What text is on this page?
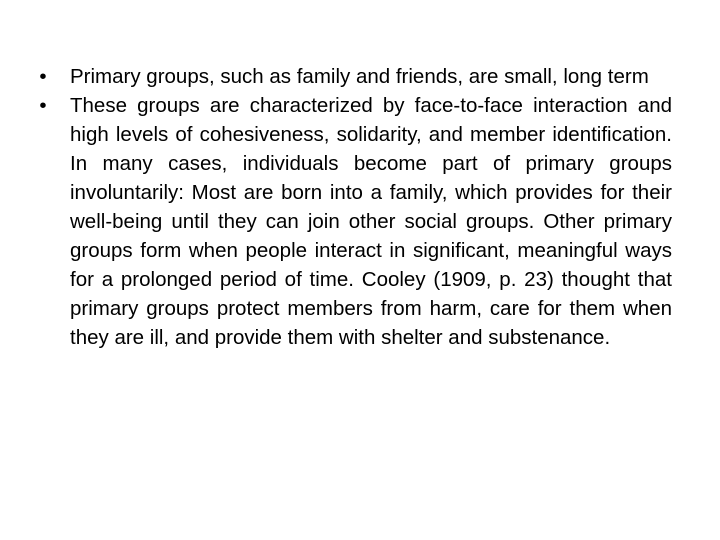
• Primary groups, such as family and friends, are small, long term
• These groups are characterized by face-to-face interaction and high levels of cohesiveness, solidarity, and member identification. In many cases, individuals become part of primary groups involuntarily: Most are born into a family, which provides for their well-being until they can join other social groups. Other primary groups form when people interact in significant, meaningful ways for a prolonged period of time. Cooley (1909, p. 23) thought that primary groups protect members from harm, care for them when they are ill, and provide them with shelter and substenance.
